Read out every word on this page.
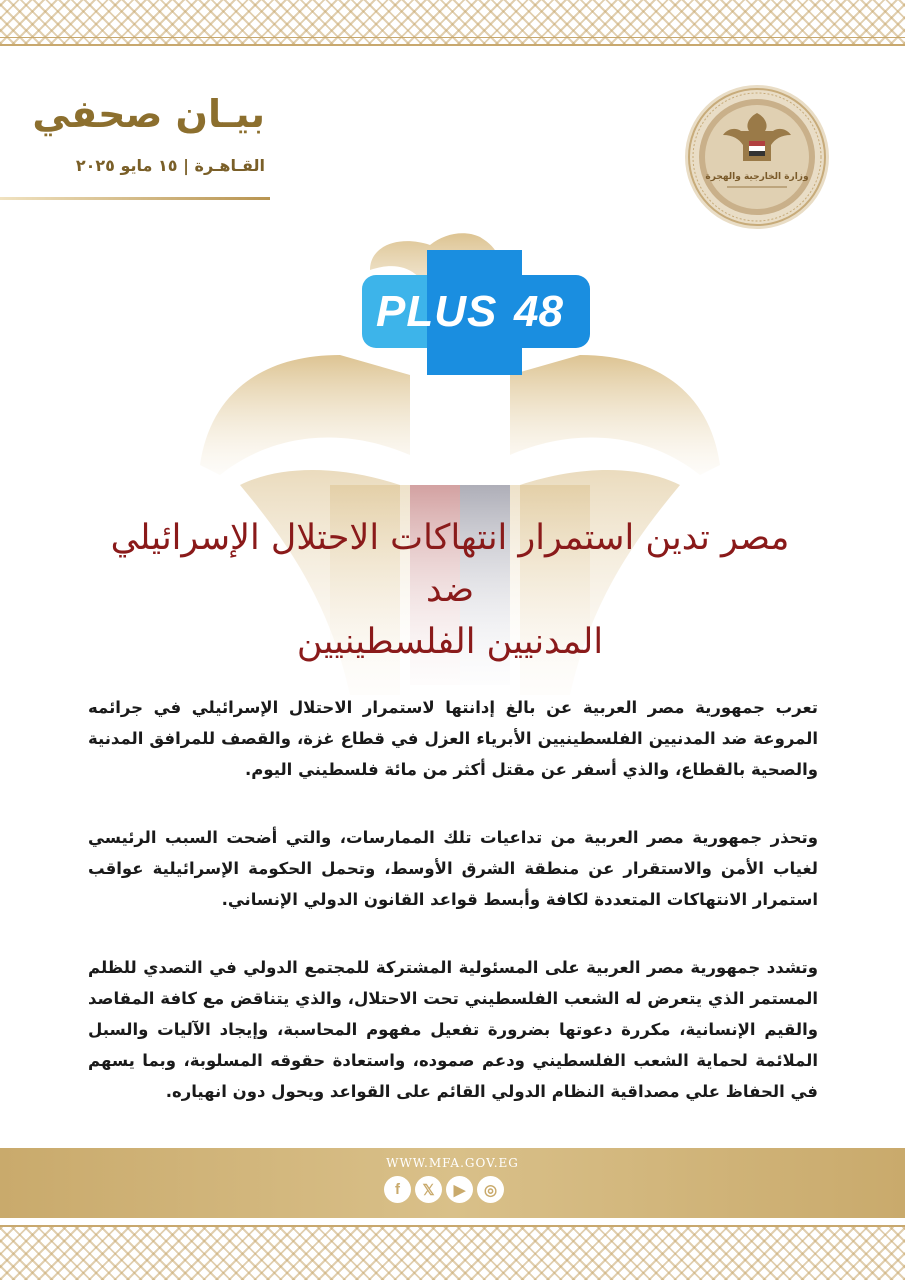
وزارة الخارجية والهجرة
بيـان صحفي
القـاهـرة | ١٥ مايو ٢٠٢٥
PLUS 48
مصر تدين استمرار انتهاكات الاحتلال الإسرائيلي ضد
المدنيين الفلسطينيين

تعرب جمهورية مصر العربية عن بالغ إدانتها لاستمرار الاحتلال الإسرائيلي في جرائمه المروعة ضد المدنيين الفلسطينيين الأبرياء العزل في قطاع غزة، والقصف للمرافق المدنية والصحية بالقطاع، والذي أسفر عن مقتل أكثر من مائة فلسطيني اليوم.

وتحذر جمهورية مصر العربية من تداعيات تلك الممارسات، والتي أضحت السبب الرئيسي لغياب الأمن والاستقرار عن منطقة الشرق الأوسط، وتحمل الحكومة الإسرائيلية عواقب استمرار الانتهاكات المتعددة لكافة وأبسط قواعد القانون الدولي الإنساني.

وتشدد جمهورية مصر العربية على المسئولية المشتركة للمجتمع الدولي في التصدي للظلم المستمر الذي يتعرض له الشعب الفلسطيني تحت الاحتلال، والذي يتناقض مع كافة المقاصد والقيم الإنسانية، مكررة دعوتها بضرورة تفعيل مفهوم المحاسبة، وإيجاد الآليات والسبل الملائمة لحماية الشعب الفلسطيني ودعم صموده، واستعادة حقوقه المسلوبة، وبما يسهم في الحفاظ علي مصداقية النظام الدولي القائم على القواعد ويحول دون انهياره.

WWW.MFA.GOV.EG
f	𝕏	▶	◎
